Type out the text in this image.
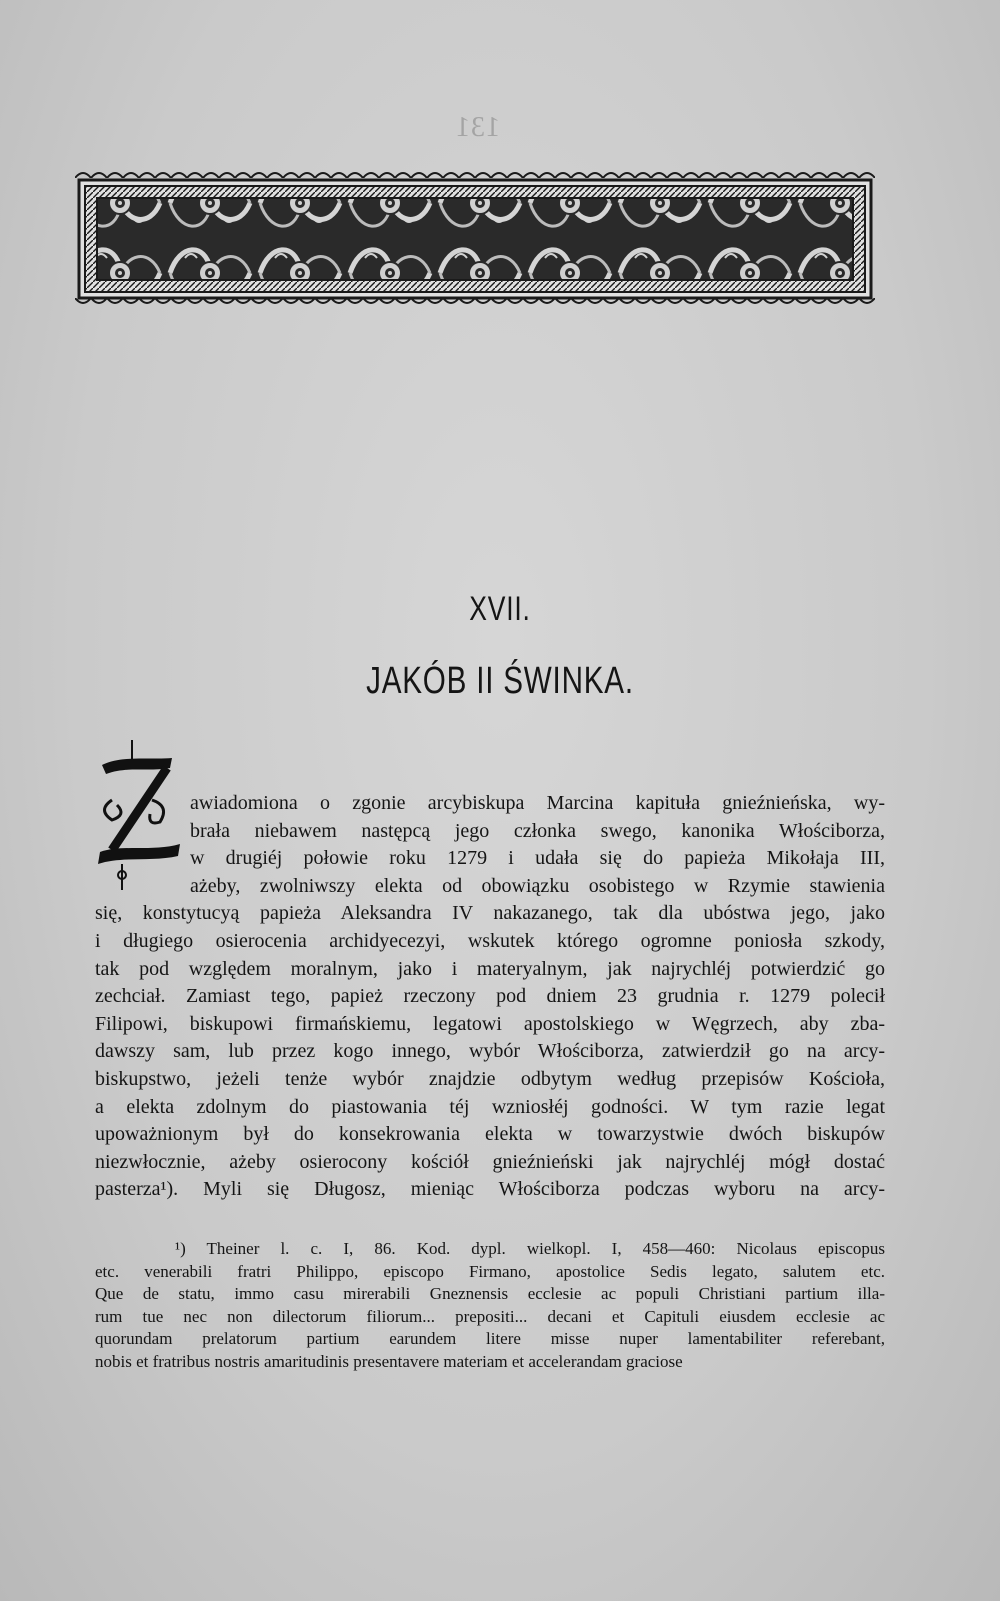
131
XVII.
JAKÓB II ŚWINKA.
awiadomiona o zgonie arcybiskupa Marcina kapituła gnieźnieńska, wy-
brała niebawem następcą jego członka swego, kanonika Włościborza,
w drugiéj połowie roku 1279 i udała się do papieża Mikołaja III,
ażeby, zwolniwszy elekta od obowiązku osobistego w Rzymie stawienia
się, konstytucyą papieża Aleksandra IV nakazanego, tak dla ubóstwa jego, jako
i długiego osierocenia archidyecezyi, wskutek którego ogromne poniosła szkody,
tak pod względem moralnym, jako i materyalnym, jak najrychléj potwierdzić go
zechciał. Zamiast tego, papież rzeczony pod dniem 23 grudnia r. 1279 polecił
Filipowi, biskupowi firmańskiemu, legatowi apostolskiego w Węgrzech, aby zba-
dawszy sam, lub przez kogo innego, wybór Włościborza, zatwierdził go na arcy-
biskupstwo, jeżeli tenże wybór znajdzie odbytym według przepisów Kościoła,
a elekta zdolnym do piastowania téj wzniosłéj godności. W tym razie legat
upoważnionym był do konsekrowania elekta w towarzystwie dwóch biskupów
niezwłocznie, ażeby osierocony kościół gnieźnieński jak najrychléj mógł dostać
pasterza¹). Myli się Długosz, mieniąc Włościborza podczas wyboru na arcy-
¹) Theiner l. c. I, 86. Kod. dypl. wielkopl. I, 458—460: Nicolaus episcopus
etc. venerabili fratri Philippo, episcopo Firmano, apostolice Sedis legato, salutem etc.
Que de statu, immo casu mirerabili Gneznensis ecclesie ac populi Christiani partium illa-
rum tue nec non dilectorum filiorum... prepositi... decani et Capituli eiusdem ecclesie ac
quorundam prelatorum partium earundem litere misse nuper lamentabiliter referebant,
nobis et fratribus nostris amaritudinis presentavere materiam et accelerandam graciose
